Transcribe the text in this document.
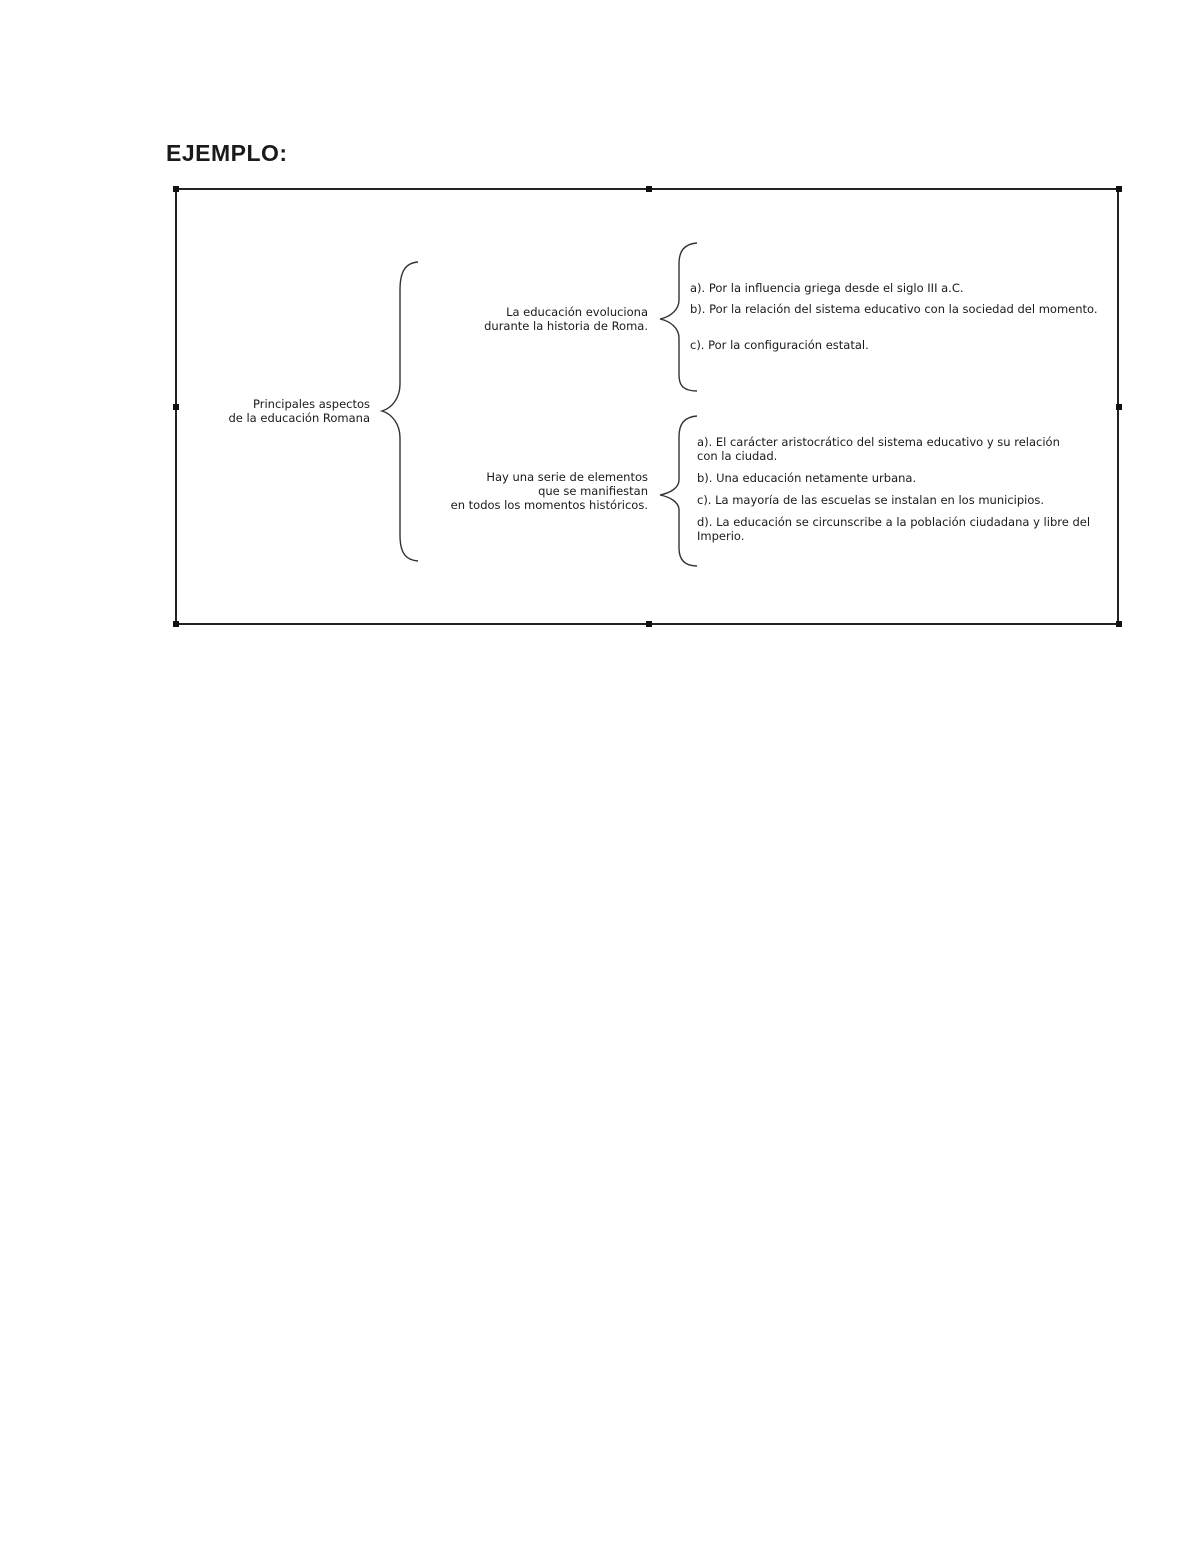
EJEMPLO:
Principales aspectos
de la educación Romana
La educación evoluciona
durante la historia de Roma.
Hay una serie de elementos
que se manifiestan
en todos los momentos históricos.
a). Por la influencia griega desde el siglo III a.C.
b). Por la relación del sistema educativo con la sociedad del momento.
c). Por la configuración estatal.
a). El carácter aristocrático del sistema educativo y su relación con la ciudad.
b). Una educación netamente urbana.
c). La mayoría de las escuelas se instalan en los municipios.
d). La educación se circunscribe a la población ciudadana y libre del Imperio.
